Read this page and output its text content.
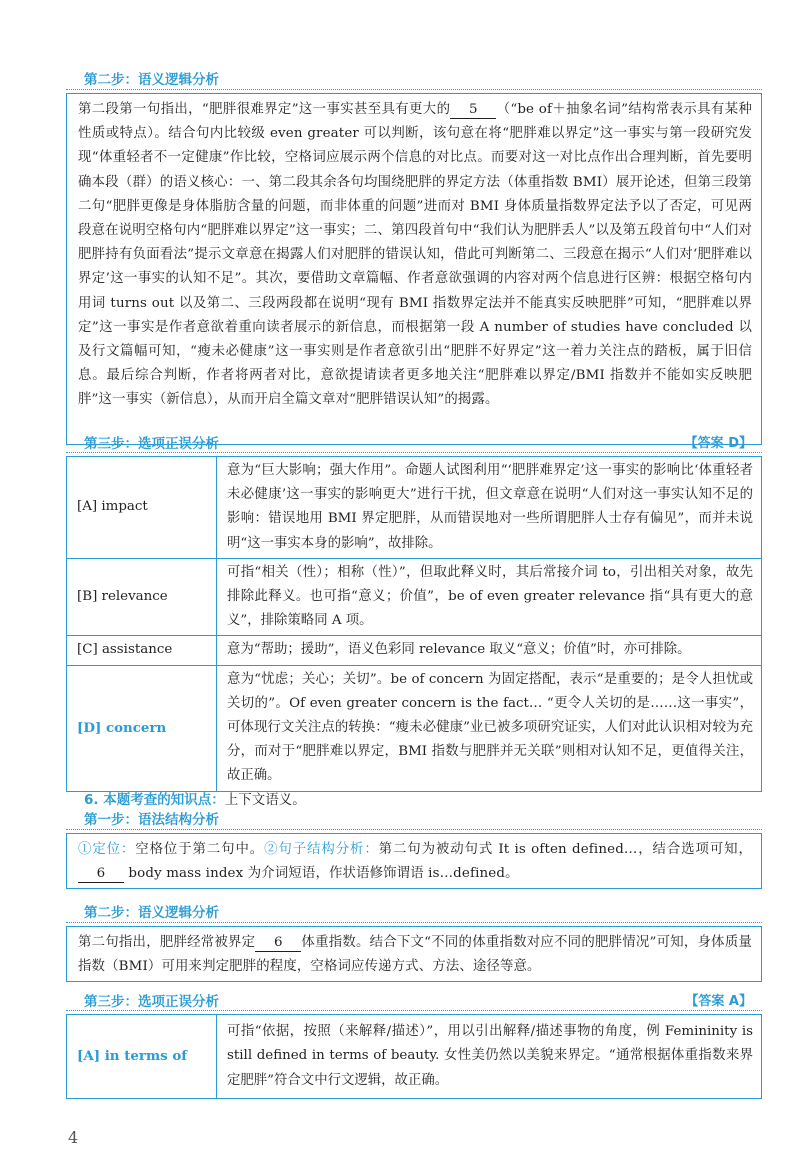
第二步：语义逻辑分析
第二段第一句指出，“肥胖很难界定”这一事实甚至具有更大的 5 （“be of＋抽象名词”结构常表示具有某种性质或特点）。结合句内比较级 even greater 可以判断，该句意在将“肥胖难以界定”这一事实与第一段研究发现“体重轻者不一定健康”作比较，空格词应展示两个信息的对比点。而要对这一对比点作出合理判断，首先要明确本段（群）的语义核心：一、第二段其余各句均围绕肥胖的界定方法（体重指数 BMI）展开论述，但第三段第二句“肥胖更像是身体脂肪含量的问题，而非体重的问题”进而对 BMI 身体质量指数界定法予以了否定，可见两段意在说明空格句内“肥胖难以界定”这一事实；二、第四段首句中“我们认为肥胖丢人”以及第五段首句中“人们对肥胖持有负面看法”提示文章意在揭露人们对肥胖的错误认知，借此可判断第二、三段意在揭示“人们对‘肥胖难以界定’这一事实的认知不足”。其次，要借助文章篇幅、作者意欲强调的内容对两个信息进行区辨：根据空格句内用词 turns out 以及第二、三段两段都在说明“现有 BMI 指数界定法并不能真实反映肥胖”可知，“肥胖难以界定”这一事实是作者意欲着重向读者展示的新信息，而根据第一段 A number of studies have concluded 以及行文篇幅可知，“瘦未必健康”这一事实则是作者意欲引出“肥胖不好界定”这一着力关注点的踏板，属于旧信息。最后综合判断，作者将两者对比，意欲提请读者更多地关注“肥胖难以界定/BMI 指数并不能如实反映肥胖”这一事实（新信息），从而开启全篇文章对“肥胖错误认知”的揭露。
第三步：选项正误分析	【答案 D】
[A] impact	意为“巨大影响；强大作用”。命题人试图利用“‘肥胖难界定’这一事实的影响比‘体重轻者未必健康’这一事实的影响更大”进行干扰，但文章意在说明“人们对这一事实认知不足的影响：错误地用 BMI 界定肥胖，从而错误地对一些所谓肥胖人士存有偏见”，而并未说明“这一事实本身的影响”，故排除。
[B] relevance	可指“相关（性）；相称（性）”，但取此释义时，其后常接介词 to，引出相关对象，故先排除此释义。也可指“意义；价值”，be of even greater relevance 指“具有更大的意义”，排除策略同 A 项。
[C] assistance	意为“帮助；援助”，语义色彩同 relevance 取义“意义；价值”时，亦可排除。
[D] concern	意为“忧虑；关心；关切”。be of concern 为固定搭配，表示“是重要的；是令人担忧或关切的”。Of even greater concern is the fact… “更令人关切的是……这一事实”，可体现行文关注点的转换：“瘦未必健康”业已被多项研究证实，人们对此认识相对较为充分，而对于“肥胖难以界定，BMI 指数与肥胖并无关联”则相对认知不足，更值得关注，故正确。
6. 本题考查的知识点：上下文语义。
第一步：语法结构分析
①定位：空格位于第二句中。②句子结构分析：第二句为被动句式 It is often defined…，结合选项可知，6 body mass index 为介词短语，作状语修饰谓语 is…defined。
第二步：语义逻辑分析
第二句指出，肥胖经常被界定 6 体重指数。结合下文“不同的体重指数对应不同的肥胖情况”可知，身体质量指数（BMI）可用来判定肥胖的程度，空格词应传递方式、方法、途径等意。
第三步：选项正误分析	【答案 A】
[A] in terms of	可指“依据，按照（来解释/描述）”，用以引出解释/描述事物的角度，例 Femininity is still defined in terms of beauty. 女性美仍然以美貌来界定。“通常根据体重指数来界定肥胖”符合文中行文逻辑，故正确。
4
